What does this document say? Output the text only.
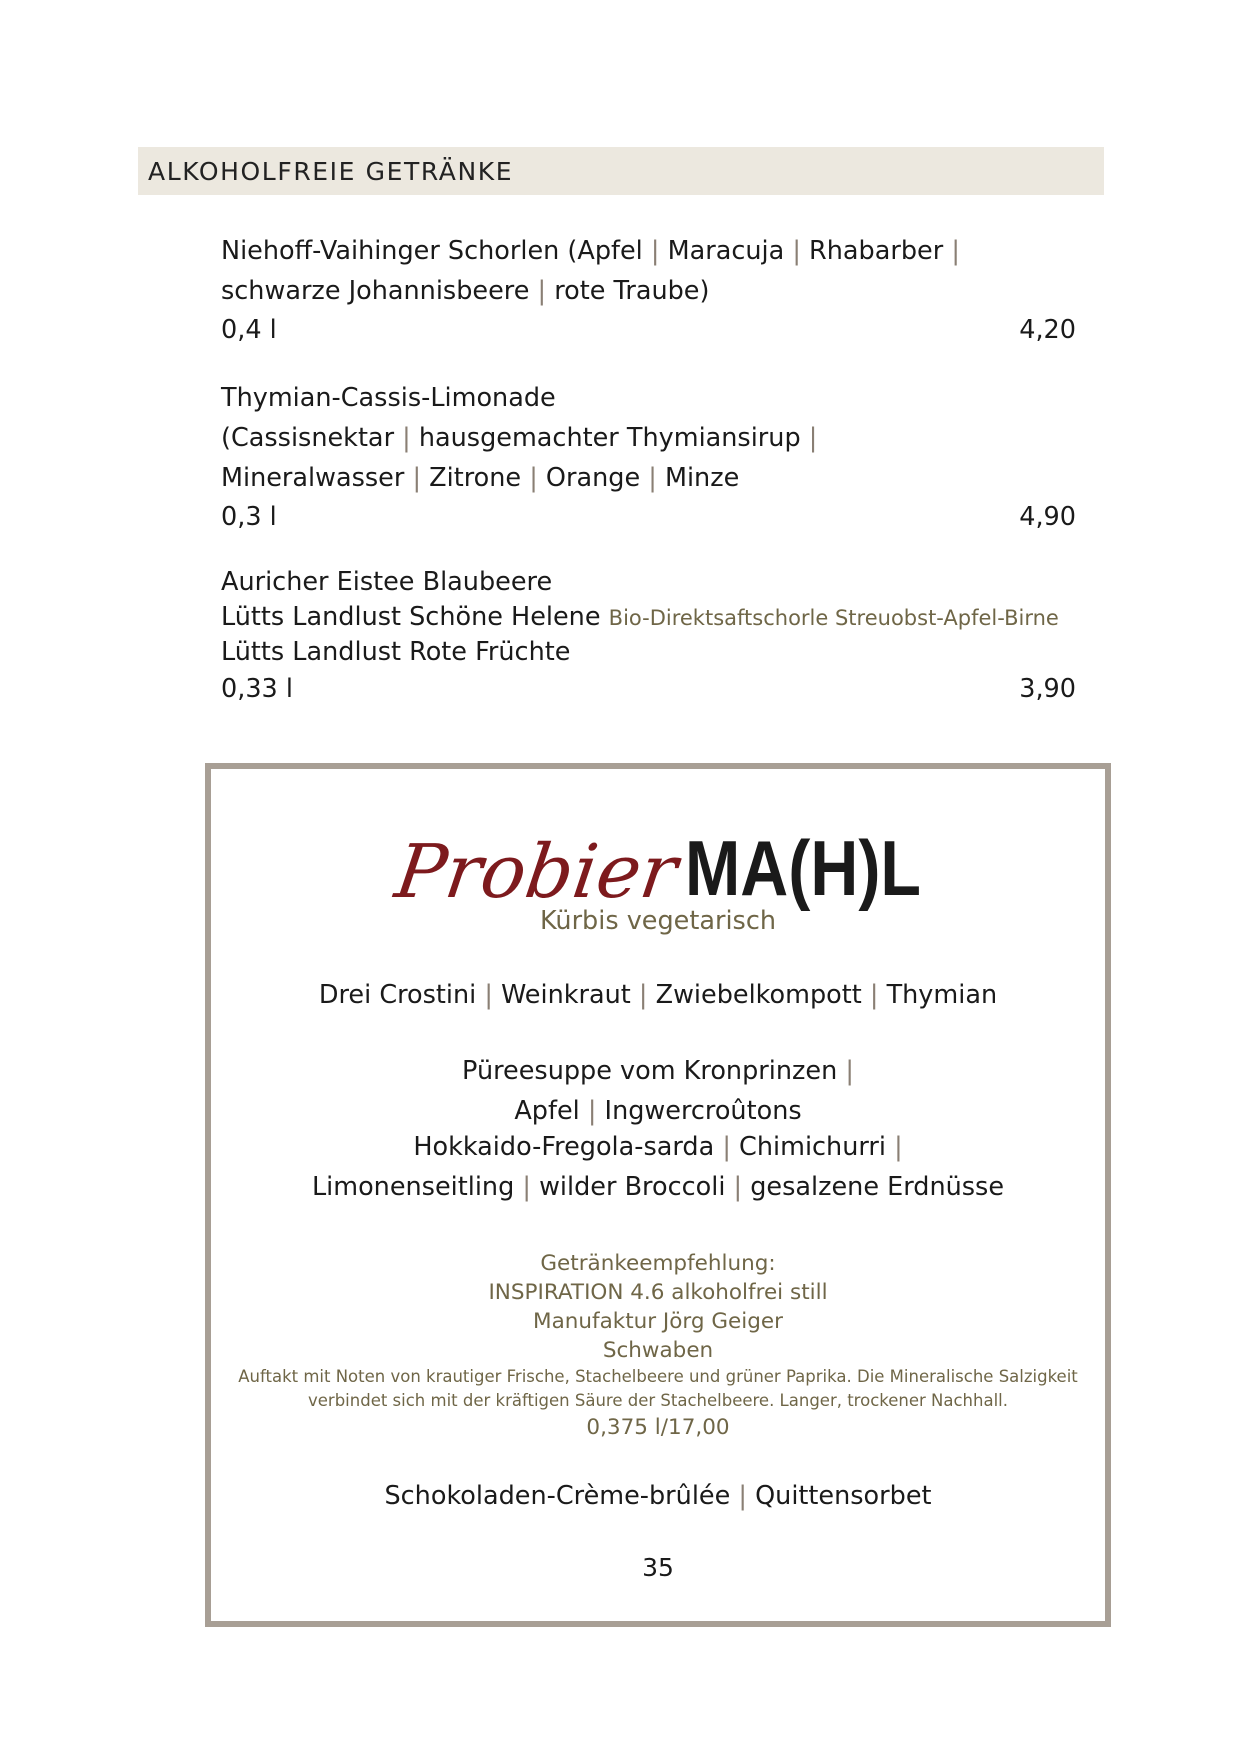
ALKOHOLFREIE GETRÄNKE
Niehoff-Vaihinger Schorlen (Apfel | Maracuja | Rhabarber |
schwarze Johannisbeere | rote Traube)
0,4 l	4,20
Thymian-Cassis-Limonade
(Cassisnektar | hausgemachter Thymiansirup |
Mineralwasser | Zitrone | Orange | Minze
0,3 l	4,90
Auricher Eistee Blaubeere
Lütts Landlust Schöne Helene Bio-Direktsaftschorle Streuobst-Apfel-Birne
Lütts Landlust Rote Früchte
0,33 l	3,90
Probier MA(H)L
Kürbis vegetarisch
Drei Crostini | Weinkraut | Zwiebelkompott | Thymian
Püreesuppe vom Kronprinzen |
Apfel | Ingwercroûtons
Hokkaido-Fregola-sarda | Chimichurri |
Limonenseitling | wilder Broccoli | gesalzene Erdnüsse
Getränkeempfehlung:
INSPIRATION 4.6 alkoholfrei still
Manufaktur Jörg Geiger
Schwaben
Auftakt mit Noten von krautiger Frische, Stachelbeere und grüner Paprika. Die Mineralische Salzigkeit
verbindet sich mit der kräftigen Säure der Stachelbeere. Langer, trockener Nachhall.
0,375 l/17,00
Schokoladen-Crème-brûlée | Quittensorbet
35
